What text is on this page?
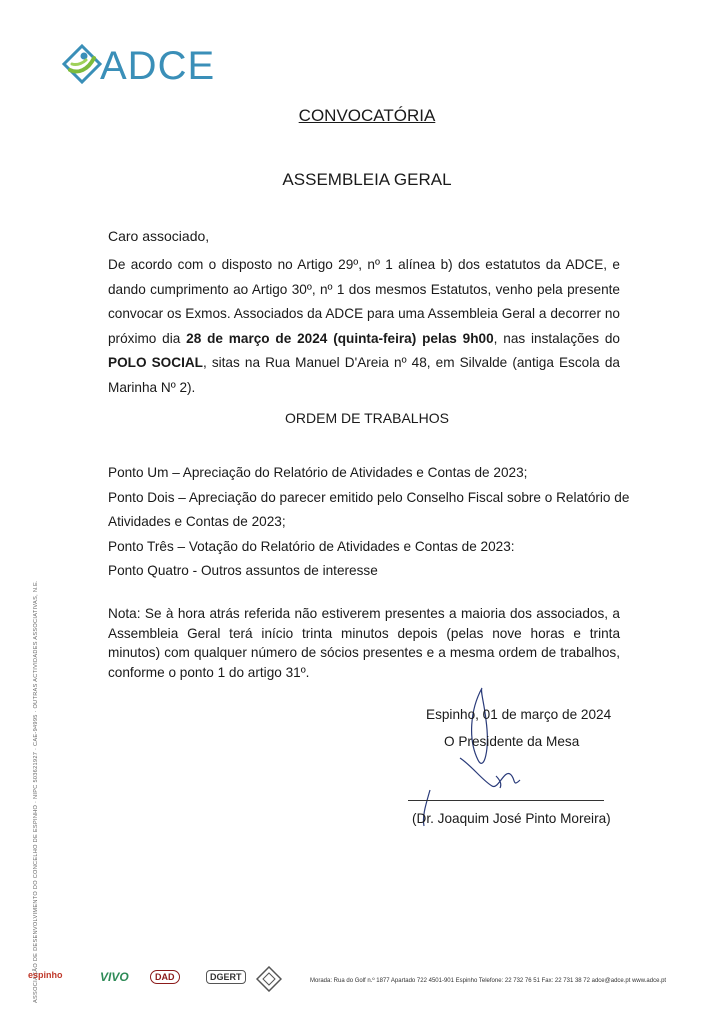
ADCE
CONVOCATÓRIA
ASSEMBLEIA GERAL
Caro associado,
De acordo com o disposto no Artigo 29º, nº 1 alínea b) dos estatutos da ADCE, e dando cumprimento ao Artigo 30º, nº 1 dos mesmos Estatutos, venho pela presente convocar os Exmos. Associados da ADCE para uma Assembleia Geral a decorrer no próximo dia 28 de março de 2024 (quinta-feira) pelas 9h00, nas instalações do POLO SOCIAL, sitas na Rua Manuel D'Areia nº 48, em Silvalde (antiga Escola da Marinha Nº 2).
ORDEM DE TRABALHOS
Ponto Um – Apreciação do Relatório de Atividades e Contas de 2023;
Ponto Dois – Apreciação do parecer emitido pelo Conselho Fiscal sobre o Relatório de
Atividades e Contas de 2023;
Ponto Três – Votação do Relatório de Atividades e Contas de 2023:
Ponto Quatro - Outros assuntos de interesse
Nota: Se à hora atrás referida não estiverem presentes a maioria dos associados, a Assembleia Geral terá início trinta minutos depois (pelas nove horas e trinta minutos) com qualquer número de sócios presentes e a mesma ordem de trabalhos, conforme o ponto 1 do artigo 31º.
Espinho, 01 de março de 2024
O Presidente da Mesa
(Dr. Joaquim José Pinto Moreira)
ASSOCIAÇÃO DE DESENVOLVIMENTO DO CONCELHO DE ESPINHO · NIPC 503621927 · CAE-94995 · OUTRAS ACTIVIDADES ASSOCIATIVAS, N.E.
espinho	VIVO	DAD	DGERT	Morada: Rua do Golf n.º 1877 Apartado 722 4501-901 Espinho Telefone: 22 732 76 51 Fax: 22 731 38 72 adce@adce.pt www.adce.pt
